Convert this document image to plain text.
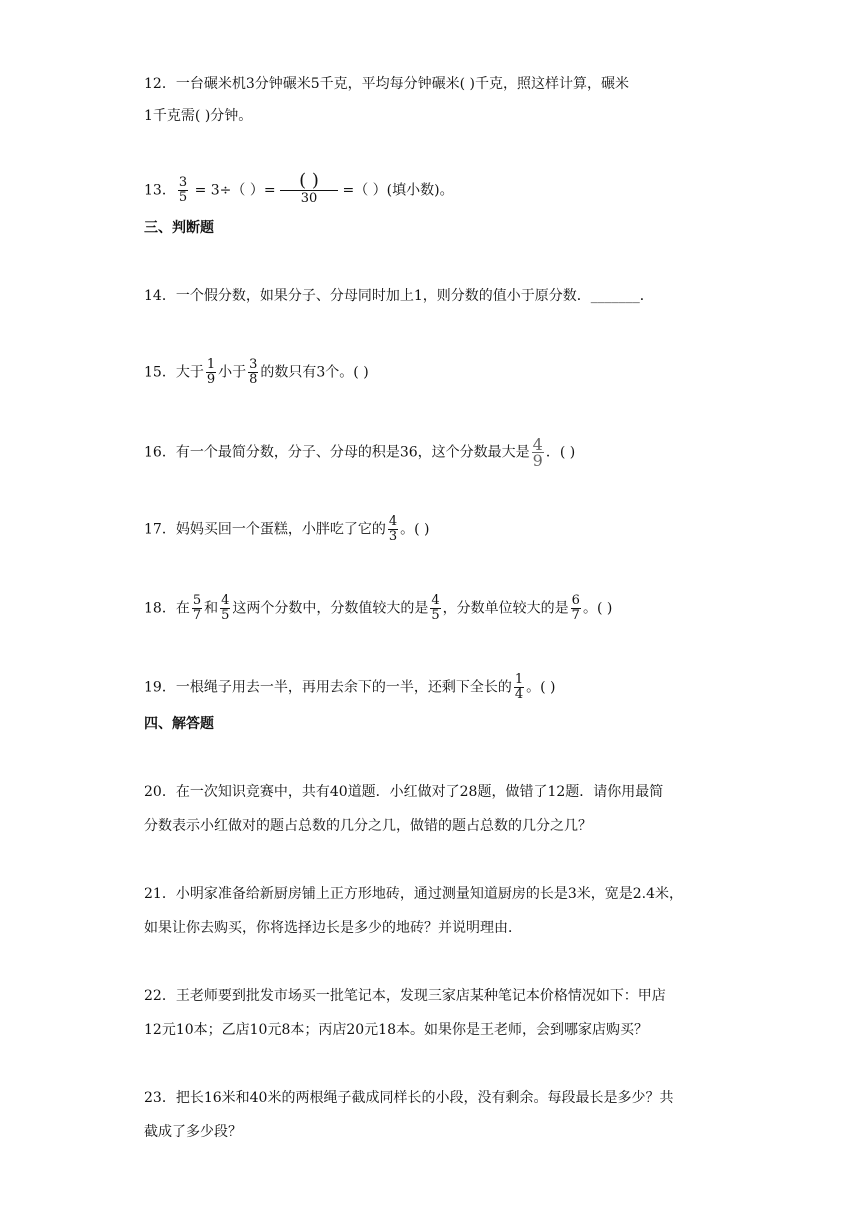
12．一台碾米机3分钟碾米5千克，平均每分钟碾米( )千克，照这样计算，碾米
1千克需( )分钟。
13． $\frac{3}{5} = 3\div$（ ）= $\frac{( )}{30}$ =（ ）(填小数)。
三、判断题
14．一个假分数，如果分子、分母同时加上1，则分数的值小于原分数．_______．
15．大于 $\frac{1}{9}$ 小于 $\frac{3}{8}$ 的数只有3个。( )
16．有一个最简分数，分子、分母的积是36，这个分数最大是 $\frac{4}{9}$ ．( )
17．妈妈买回一个蛋糕，小胖吃了它的 $\frac{4}{3}$ 。( )
18．在 $\frac{5}{7}$ 和 $\frac{4}{5}$ 这两个分数中，分数值较大的是 $\frac{4}{5}$ ，分数单位较大的是 $\frac{6}{7}$ 。( )
19．一根绳子用去一半，再用去余下的一半，还剩下全长的 $\frac{1}{4}$ 。( )
四、解答题
20．在一次知识竞赛中，共有40道题．小红做对了28题，做错了12题．请你用最简
分数表示小红做对的题占总数的几分之几，做错的题占总数的几分之几？
21．小明家准备给新厨房铺上正方形地砖，通过测量知道厨房的长是3米，宽是2.4米，
如果让你去购买，你将选择边长是多少的地砖？并说明理由．
22．王老师要到批发市场买一批笔记本，发现三家店某种笔记本价格情况如下：甲店
12元10本；乙店10元8本；丙店20元18本。如果你是王老师，会到哪家店购买？
23．把长16米和40米的两根绳子截成同样长的小段，没有剩余。每段最长是多少？共
截成了多少段？
